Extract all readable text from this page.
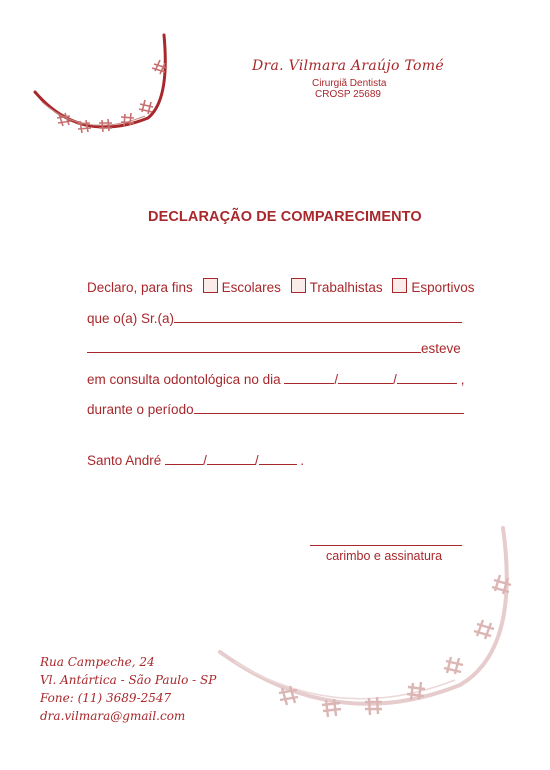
Dra. Vilmara Araújo Tomé
Cirurgiã Dentista
CROSP 25689
DECLARAÇÃO DE COMPARECIMENTO
Declaro, para fins Escolares Trabalhistas Esportivos
que o(a) Sr.(a)
esteve
em consulta odontológica no dia	/	/	,
durante o período
Santo André	/	/	.
carimbo e assinatura
Rua Campeche, 24
Vl. Antártica - São Paulo - SP
Fone: (11) 3689-2547
dra.vilmara@gmail.com
